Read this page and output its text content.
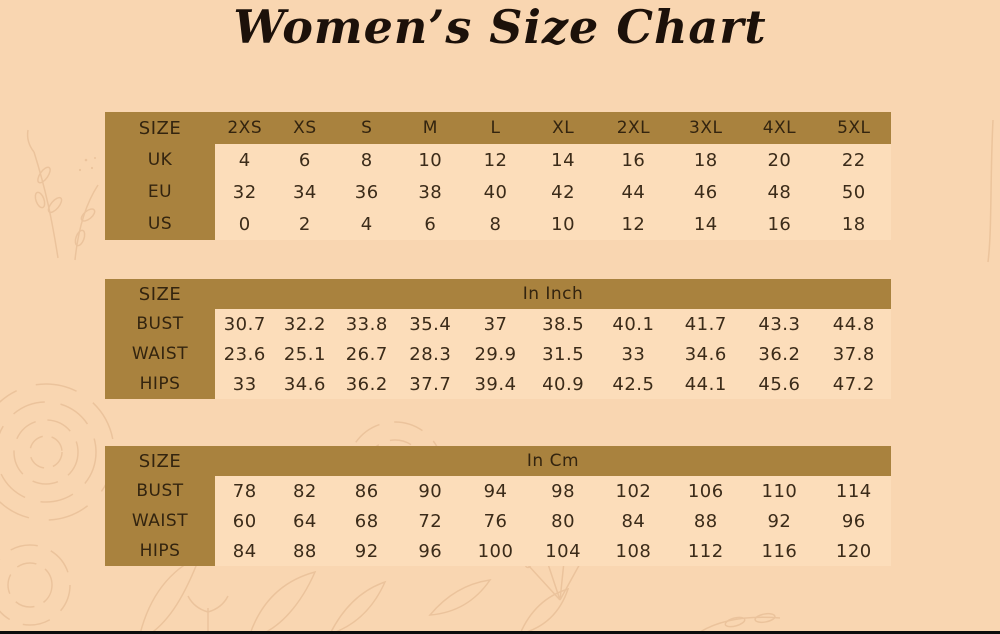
Women’s Size Chart
SIZE	2XS	XS	S	M	L	XL	2XL	3XL	4XL	5XL
UK	4	6	8	10	12	14	16	18	20	22
EU	32	34	36	38	40	42	44	46	48	50
US	0	2	4	6	8	10	12	14	16	18
SIZE	In Inch
BUST	30.7	32.2	33.8	35.4	37	38.5	40.1	41.7	43.3	44.8
WAIST	23.6	25.1	26.7	28.3	29.9	31.5	33	34.6	36.2	37.8
HIPS	33	34.6	36.2	37.7	39.4	40.9	42.5	44.1	45.6	47.2
SIZE	In Cm
BUST	78	82	86	90	94	98	102	106	110	114
WAIST	60	64	68	72	76	80	84	88	92	96
HIPS	84	88	92	96	100	104	108	112	116	120
